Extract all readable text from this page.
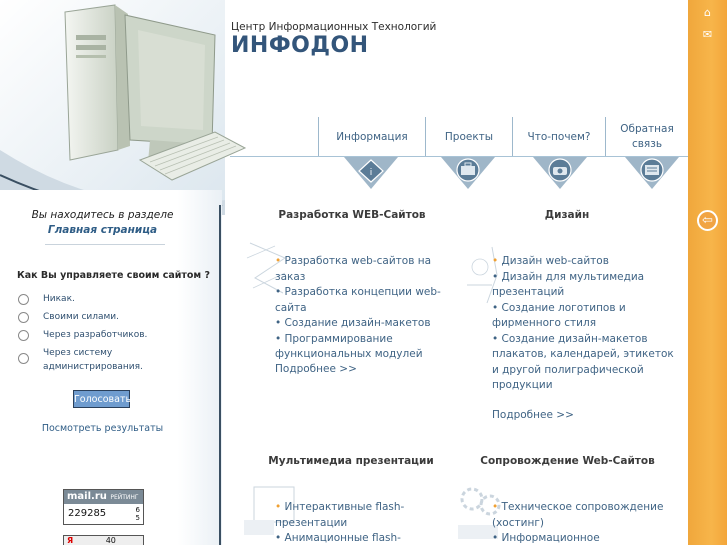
Центр Информационных Технологий
ИНФОДОН
Информация	Проекты	Что-почем?
Обратная связь
i
⌂
✉
⇦
Вы находитесь в разделе
Главная страница
Как Вы управляете своим сайтом ?
Никак.
Своими силами.
Через разработчиков.
Через систему администрирования.
Голосовать
Посмотреть результаты
mail.ru РЕЙТИНГ
229285	6
5
Я	40
Разработка WEB-Сайтов
• Разработка web-сайтов на заказ
• Разработка концепции web-сайта
• Создание дизайн-макетов
• Программирование функциональных модулей
Подробнее >>
Дизайн
• Дизайн web-сайтов
• Дизайн для мультимедиа презентаций
• Создание логотипов и фирменного стиля
• Создание дизайн-макетов плакатов, календарей, этикеток и другой полиграфической продукции
Подробнее >>
Мультимедиа презентации
• Интерактивные flash-презентации
• Анимационные flash-
Сопровождение Web-Сайтов
• Техническое сопровождение (хостинг)
• Информационное
